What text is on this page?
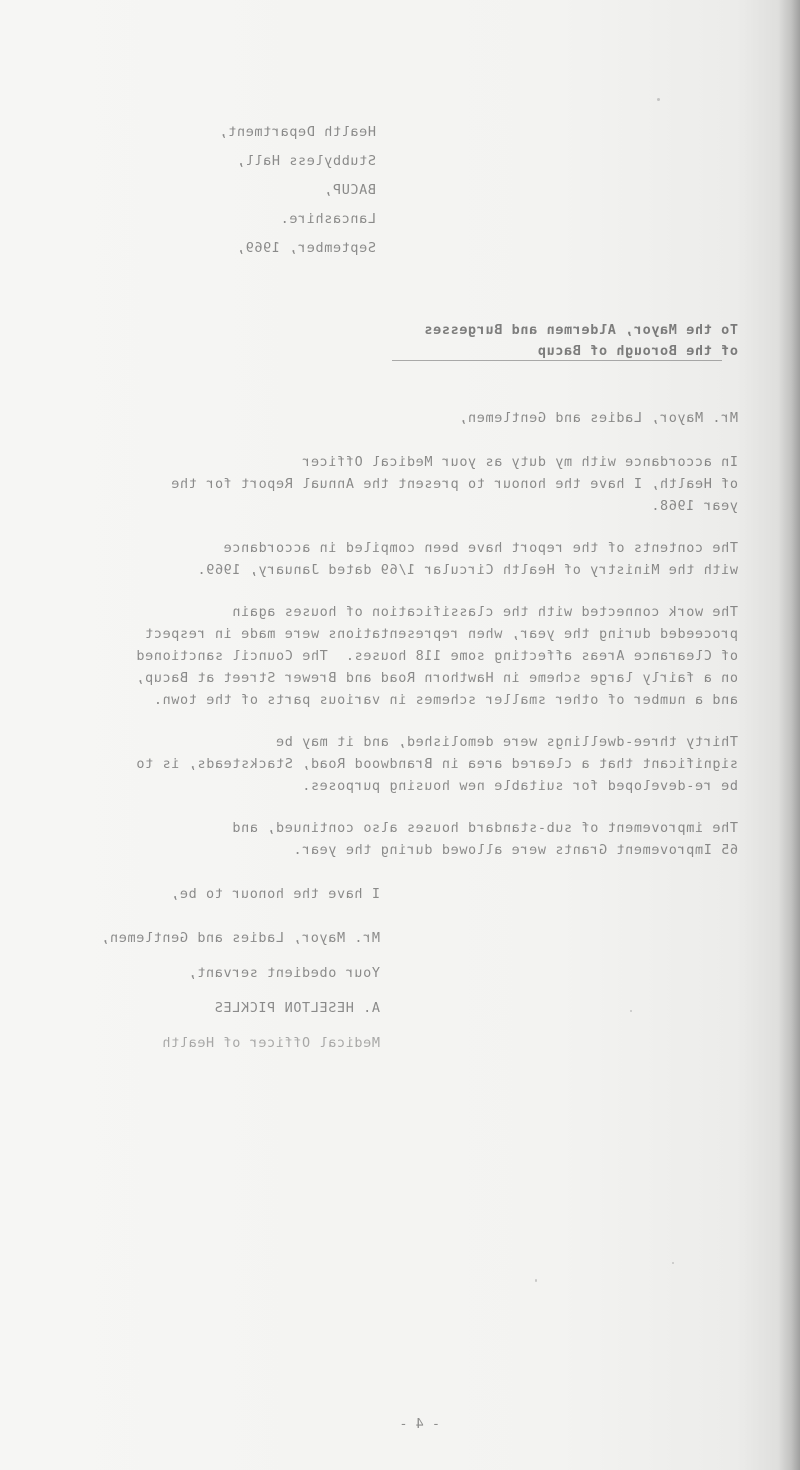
Health Department,
Stubbyless Hall,
BACUP,
Lancashire.
September, 1969,
To the Mayor, Aldermen and Burgesses
of the Borough of Bacup
Mr. Mayor, Ladies and Gentlemen,
In accordance with my duty as your Medical Officer
of Health, I have the honour to present the Annual Report for the
year 1968.
The contents of the report have been compiled in accordance
with the Ministry of Health Circular 1/69 dated January, 1969.
The work connected with the classification of houses again
proceeded during the year, when representations were made in respect
of Clearance Areas affecting some 118 houses.  The Council sanctioned
on a fairly large scheme in Hawthorn Road and Brewer Street at Bacup,
and a number of other smaller schemes in various parts of the town.
Thirty three-dwellings were demolished, and it may be
significant that a cleared area in Brandwood Road, Stacksteads, is to
be re-developed for suitable new housing purposes.
The improvement of sub-standard houses also continued, and
65 Improvement Grants were allowed during the year.
I have the honour to be,
Mr. Mayor, Ladies and Gentlemen,
Your obedient servant,
A. HESELTON PICKLES
Medical Officer of Health
- 4 -
